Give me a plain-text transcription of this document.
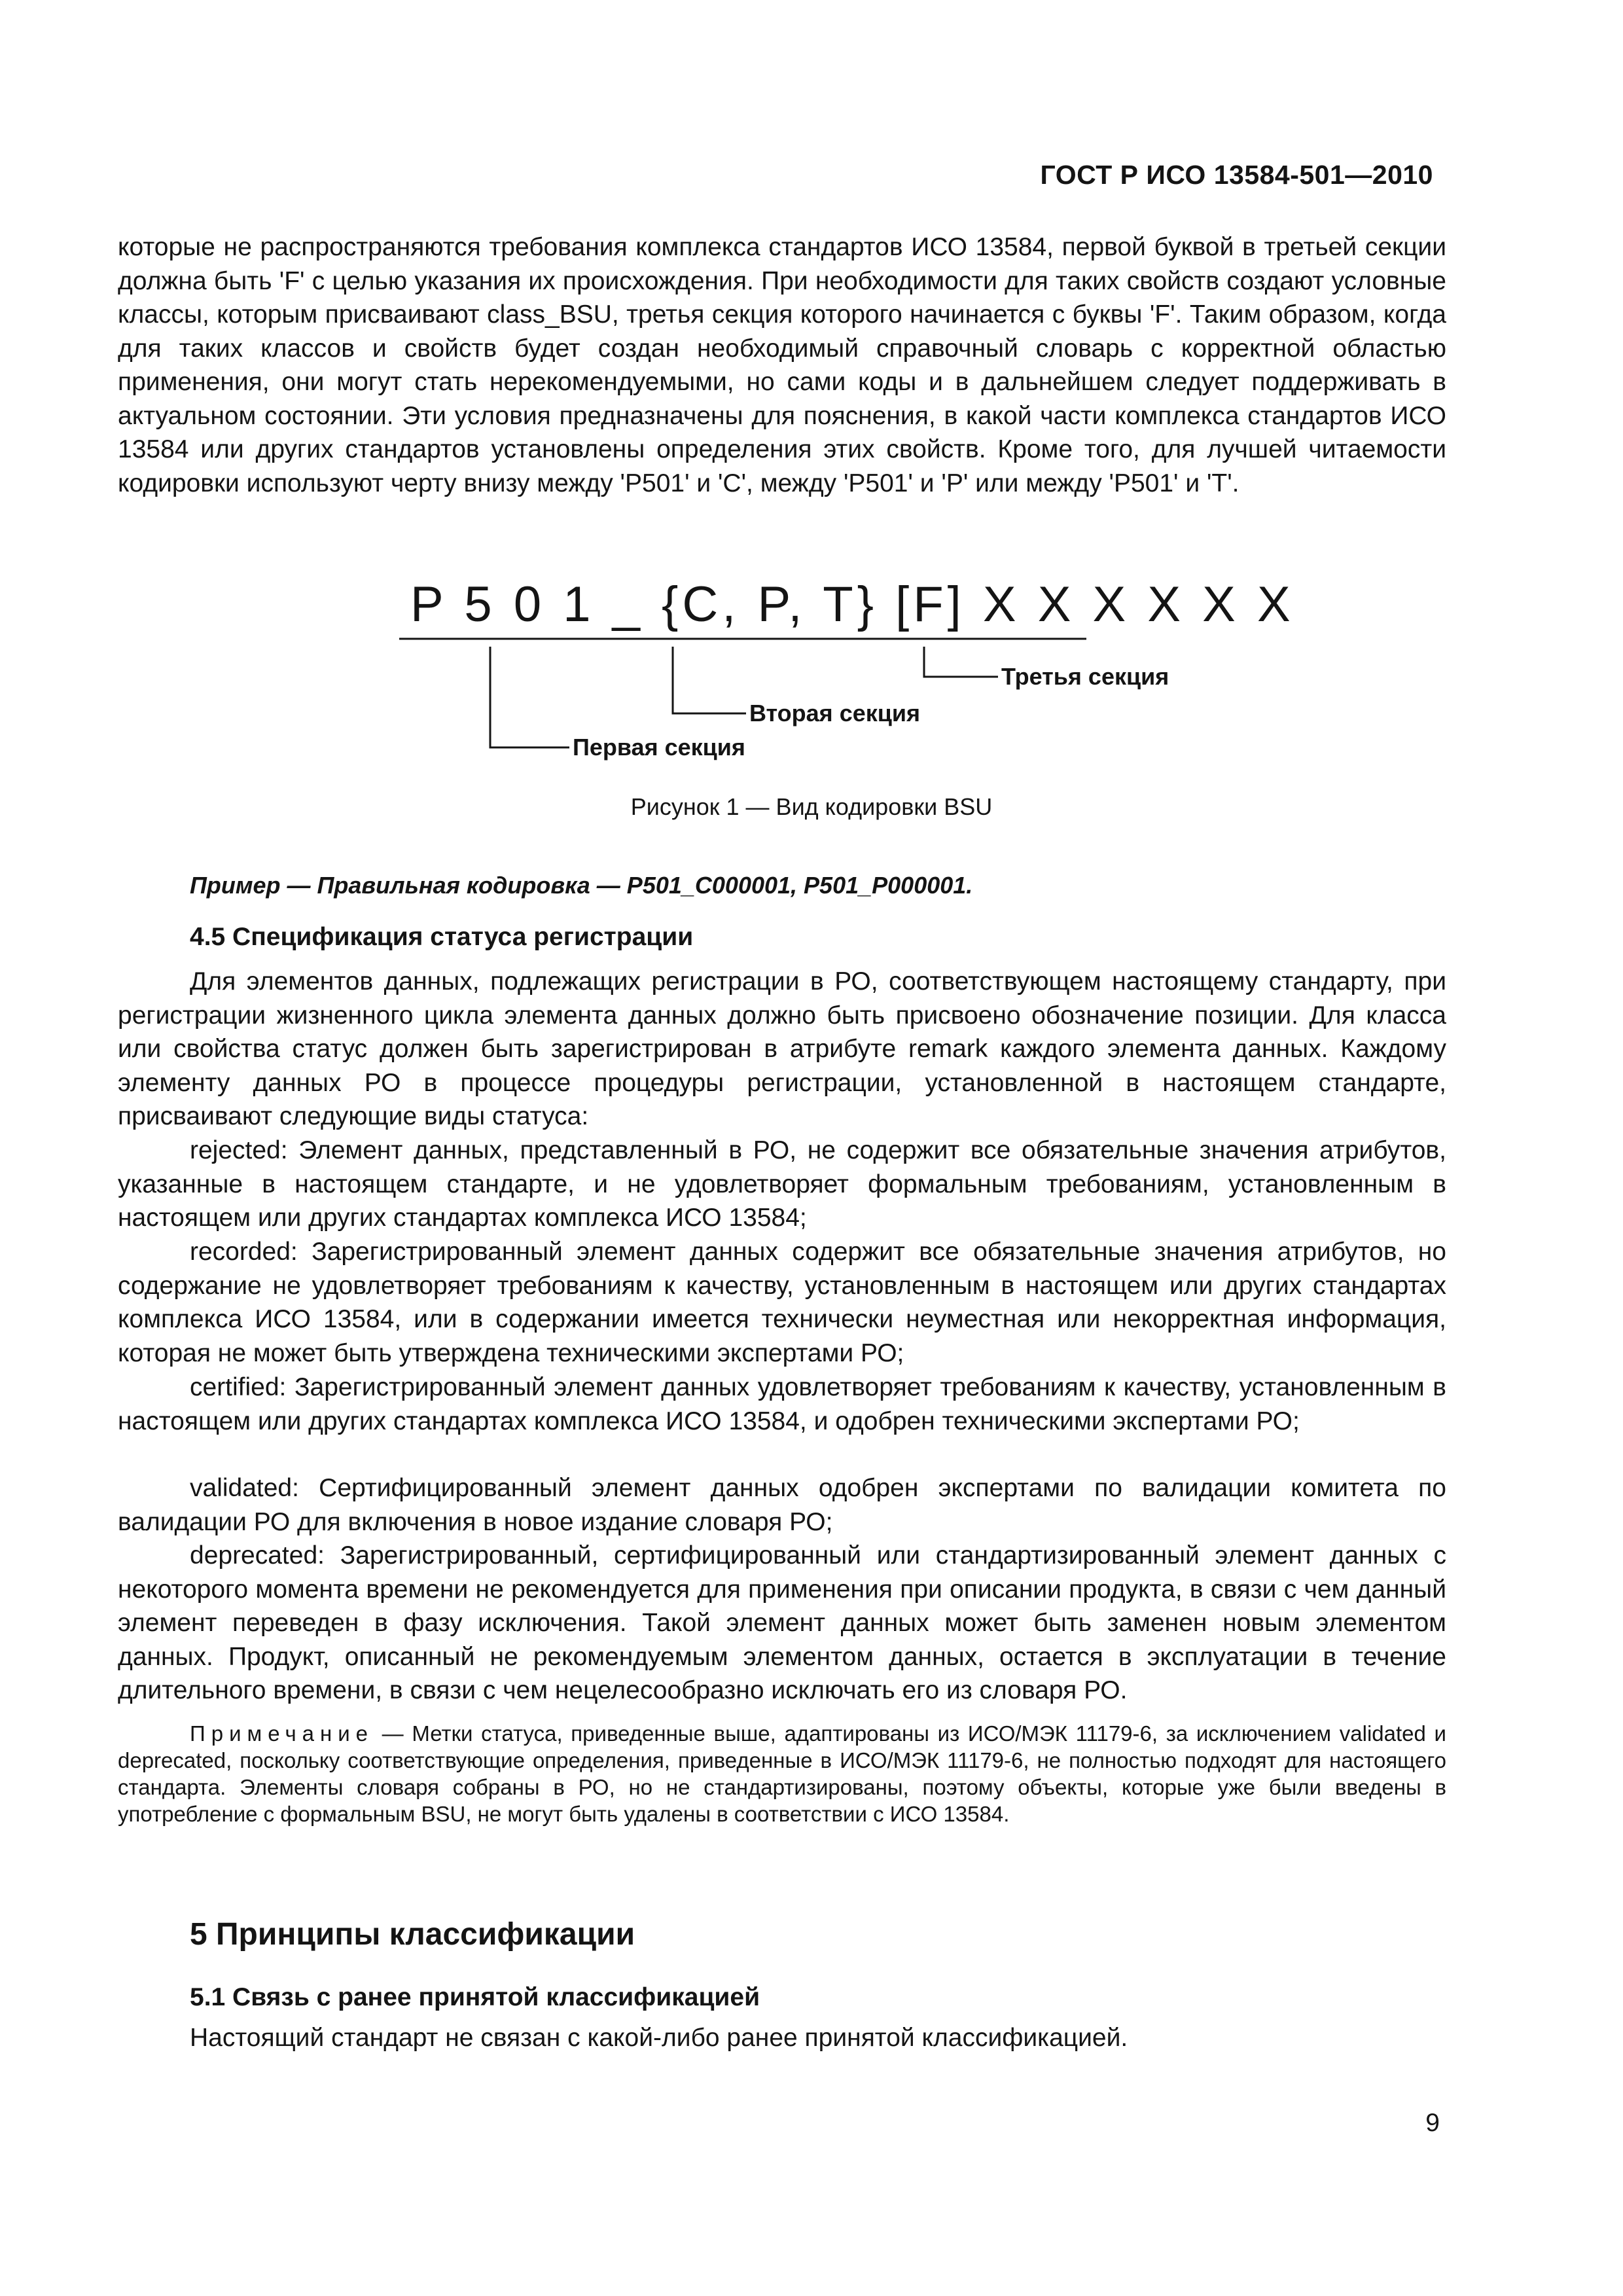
ГОСТ Р ИСО 13584-501—2010

которые не распространяются требования комплекса стандартов ИСО 13584, первой буквой в третьей секции должна быть 'F' с целью указания их происхождения. При необходимости для таких свойств создают условные классы, которым присваивают class_BSU, третья секция которого начинается с буквы 'F'. Таким образом, когда для таких классов и свойств будет создан необходимый справочный словарь с корректной областью применения, они могут стать нерекомендуемыми, но сами коды и в дальнейшем следует поддерживать в актуальном состоянии. Эти условия предназначены для пояснения, в какой части комплекса стандартов ИСО 13584 или других стандартов установлены определения этих свойств. Кроме того, для лучшей читаемости кодировки используют черту внизу между 'P501' и 'C', между 'P501' и 'P' или между 'P501' и 'T'.

P 5 0 1 _ {C, P, T} [F] X X X X X X
Третья секция
Вторая секция
Первая секция
Рисунок 1 — Вид кодировки BSU
Пример — Правильная кодировка — P501_C000001, P501_P000001.
4.5 Спецификация статуса регистрации

Для элементов данных, подлежащих регистрации в РО, соответствующем настоящему стандарту, при регистрации жизненного цикла элемента данных должно быть присвоено обозначение позиции. Для класса или свойства статус должен быть зарегистрирован в атрибуте remark каждого элемента данных. Каждому элементу данных РО в процессе процедуры регистрации, установленной в настоящем стандарте, присваивают следующие виды статуса:

rejected: Элемент данных, представленный в РО, не содержит все обязательные значения атрибутов, указанные в настоящем стандарте, и не удовлетворяет формальным требованиям, установленным в настоящем или других стандартах комплекса ИСО 13584;

recorded: Зарегистрированный элемент данных содержит все обязательные значения атрибутов, но содержание не удовлетворяет требованиям к качеству, установленным в настоящем или других стандартах комплекса ИСО 13584, или в содержании имеется технически неуместная или некорректная информация, которая не может быть утверждена техническими экспертами РО;

certified: Зарегистрированный элемент данных удовлетворяет требованиям к качеству, установленным в настоящем или других стандартах комплекса ИСО 13584, и одобрен техническими экспертами РО;

validated: Сертифицированный элемент данных одобрен экспертами по валидации комитета по валидации РО для включения в новое издание словаря РО;

deprecated: Зарегистрированный, сертифицированный или стандартизированный элемент данных с некоторого момента времени не рекомендуется для применения при описании продукта, в связи с чем данный элемент переведен в фазу исключения. Такой элемент данных может быть заменен новым элементом данных. Продукт, описанный не рекомендуемым элементом данных, остается в эксплуатации в течение длительного времени, в связи с чем нецелесообразно исключать его из словаря РО.

Примечание — Метки статуса, приведенные выше, адаптированы из ИСО/МЭК 11179-6, за исключением validated и deprecated, поскольку соответствующие определения, приведенные в ИСО/МЭК 11179-6, не полностью подходят для настоящего стандарта. Элементы словаря собраны в РО, но не стандартизированы, поэтому объекты, которые уже были введены в употребление с формальным BSU, не могут быть удалены в соответствии с ИСО 13584.

5 Принципы классификации
5.1 Связь с ранее принятой классификацией

Настоящий стандарт не связан с какой-либо ранее принятой классификацией.

9
